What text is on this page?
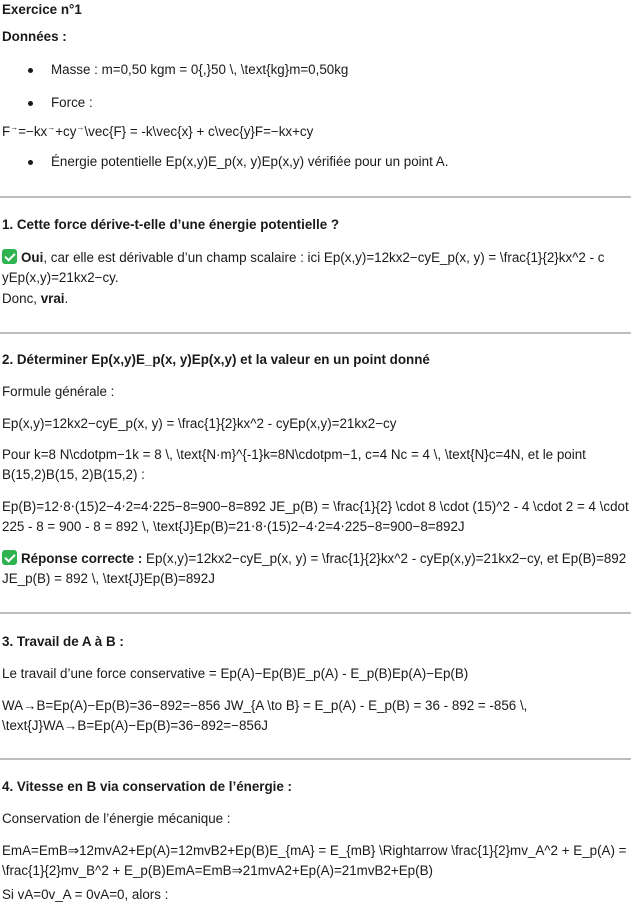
Exercice n°1

Données :

Masse : m=0,50 kgm = 0{,}50 \, \text{kg}m=0,50kg

Force :

F→=−kx→+cy→\vec{F} = -k\vec{x} + c\vec{y}F=−kx+cy

Énergie potentielle Ep(x,y)E_p(x, y)Ep(x,y) vérifiée pour un point A.

1. Cette force dérive-t-elle d’une énergie potentielle ?

Oui, car elle est dérivable d’un champ scalaire : ici Ep(x,y)=12kx2−cyE_p(x, y) = \frac{1}{2}kx^2 - c yEp(x,y)=21kx2−cy.

Donc, vrai.

2. Déterminer Ep(x,y)E_p(x, y)Ep(x,y) et la valeur en un point donné

Formule générale :

Ep(x,y)=12kx2−cyE_p(x, y) = \frac{1}{2}kx^2 - cyEp(x,y)=21kx2−cy

Pour k=8 N\cdotpm−1k = 8 \, \text{N·m}^{-1}k=8N\cdotpm−1, c=4 Nc = 4 \, \text{N}c=4N, et le point B(15,2)B(15, 2)B(15,2) :

Ep(B)=12⋅8⋅(15)2−4⋅2=4⋅225−8=900−8=892 JE_p(B) = \frac{1}{2} \cdot 8 \cdot (15)^2 - 4 \cdot 2 = 4 \cdot 225 - 8 = 900 - 8 = 892 \, \text{J}Ep(B)=21⋅8⋅(15)2−4⋅2=4⋅225−8=900−8=892J

Réponse correcte : Ep(x,y)=12kx2−cyE_p(x, y) = \frac{1}{2}kx^2 - cyEp(x,y)=21kx2−cy, et Ep(B)=892 JE_p(B) = 892 \, \text{J}Ep(B)=892J

3. Travail de A à B :

Le travail d’une force conservative = Ep(A)−Ep(B)E_p(A) - E_p(B)Ep(A)−Ep(B)

WA→B=Ep(A)−Ep(B)=36−892=−856 JW_{A \to B} = E_p(A) - E_p(B) = 36 - 892 = -856 \, \text{J}WA→B=Ep(A)−Ep(B)=36−892=−856J

4. Vitesse en B via conservation de l’énergie :

Conservation de l’énergie mécanique :

EmA=EmB⇒12mvA2+Ep(A)=12mvB2+Ep(B)E_{mA} = E_{mB} \Rightarrow \frac{1}{2}mv_A^2 + E_p(A) = \frac{1}{2}mv_B^2 + E_p(B)EmA=EmB⇒21mvA2+Ep(A)=21mvB2+Ep(B)

Si vA=0v_A = 0vA=0, alors :
